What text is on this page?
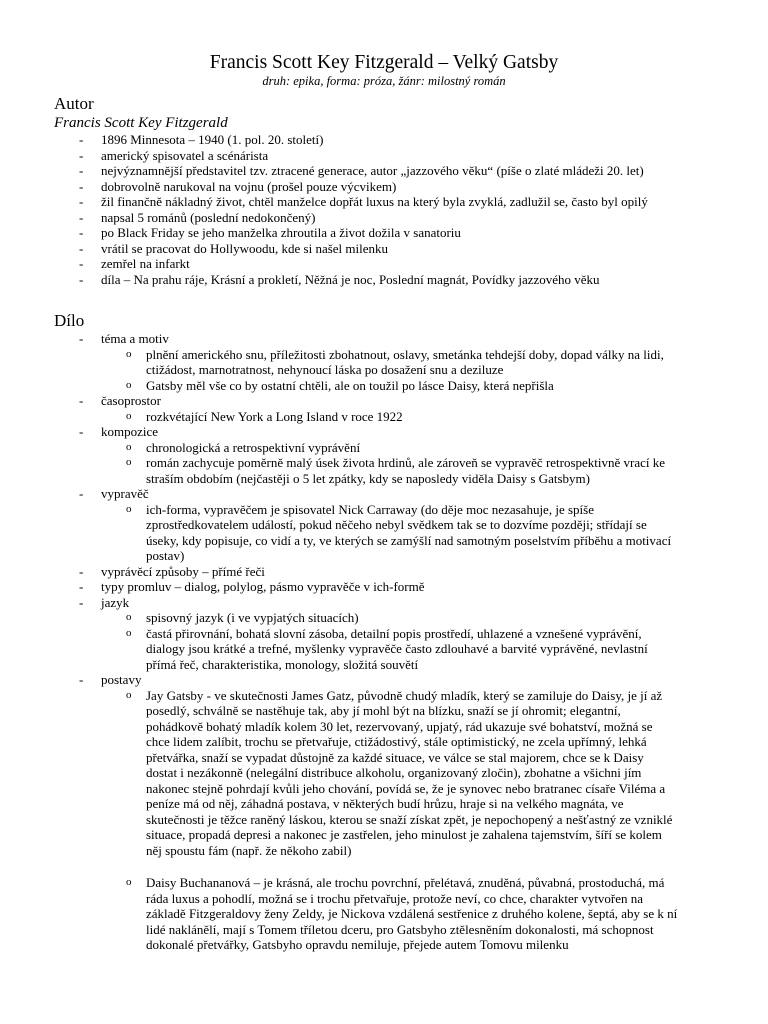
Francis Scott Key Fitzgerald – Velký Gatsby
druh: epika, forma: próza, žánr: milostný román
Autor
Francis Scott Key Fitzgerald
- 1896 Minnesota – 1940 (1. pol. 20. století)
- americký spisovatel a scénárista
- nejvýznamnější představitel tzv. ztracené generace, autor „jazzového věku“ (píše o zlaté mládeži 20. let)
- dobrovolně narukoval na vojnu (prošel pouze výcvikem)
- žil finančně nákladný život, chtěl manželce dopřát luxus na který byla zvyklá, zadlužil se, často byl opilý
- napsal 5 románů (poslední nedokončený)
- po Black Friday se jeho manželka zhroutila a život dožila v sanatoriu
- vrátil se pracovat do Hollywoodu, kde si našel milenku
- zemřel na infarkt
- díla – Na prahu ráje, Krásní a prokletí, Něžná je noc, Poslední magnát, Povídky jazzového věku
Dílo
- téma a motiv
o plnění amerického snu, příležitosti zbohatnout, oslavy, smetánka tehdejší doby, dopad války na lidi, ctižádost, marnotratnost, nehynoucí láska po dosažení snu a deziluze
o Gatsby měl vše co by ostatní chtěli, ale on toužil po lásce Daisy, která nepřišla
- časoprostor
o rozkvétající New York a Long Island v roce 1922
- kompozice
o chronologická a retrospektivní vyprávění
o román zachycuje poměrně malý úsek života hrdinů, ale zároveň se vypravěč retrospektivně vrací ke straším obdobím (nejčastěji o 5 let zpátky, kdy se naposledy viděla Daisy s Gatsbym)
- vypravěč
o ich-forma, vypravěčem je spisovatel Nick Carraway (do děje moc nezasahuje, je spíše zprostředkovatelem událostí, pokud něčeho nebyl svědkem tak se to dozvíme později; střídají se úseky, kdy popisuje, co vidí a ty, ve kterých se zamýšlí nad samotným poselstvím příběhu a motivací postav)
- vyprávěcí způsoby – přímé řeči
- typy promluv – dialog, polylog, pásmo vypravěče v ich-formě
- jazyk
o spisovný jazyk (i ve vypjatých situacích)
o častá přirovnání, bohatá slovní zásoba, detailní popis prostředí, uhlazené a vznešené vyprávění, dialogy jsou krátké a trefné, myšlenky vypravěče často zdlouhavé a barvité vyprávěné, nevlastní přímá řeč, charakteristika, monology, složitá souvětí
- postavy
o Jay Gatsby - ve skutečnosti James Gatz, původně chudý mladík, který se zamiluje do Daisy, je jí až posedlý, schválně se nastěhuje tak, aby jí mohl být na blízku, snaží se jí ohromit; elegantní, pohádkově bohatý mladík kolem 30 let, rezervovaný, upjatý, rád ukazuje své bohatství, možná se chce lidem zalíbit, trochu se přetvařuje, ctižádostivý, stále optimistický, ne zcela upřímný, lehká přetvářka, snaží se vypadat důstojně za každé situace, ve válce se stal majorem, chce se k Daisy dostat i nezákonně (nelegální distribuce alkoholu, organizovaný zločin), zbohatne a všichni jím nakonec stejně pohrdají kvůli jeho chování, povídá se, že je synovec nebo bratranec císaře Viléma a peníze má od něj, záhadná postava, v některých budí hrůzu, hraje si na velkého magnáta, ve skutečnosti je těžce raněný láskou, kterou se snaží získat zpět, je nepochopený a nešťastný ze vzniklé situace, propadá depresi a nakonec je zastřelen, jeho minulost je zahalena tajemstvím, šíří se kolem něj spoustu fám (např. že někoho zabil)
o Daisy Buchananová – je krásná, ale trochu povrchní, přelétavá, znuděná, půvabná, prostoduchá, má ráda luxus a pohodlí, možná se i trochu přetvařuje, protože neví, co chce, charakter vytvořen na základě Fitzgeraldovy ženy Zeldy, je Nickova vzdálená sestřenice z druhého kolene, šeptá, aby se k ní lidé naklánělí, mají s Tomem tříletou dceru, pro Gatsbyho ztělesněním dokonalosti, má schopnost dokonalé přetvářky, Gatsbyho opravdu nemiluje, přejede autem Tomovu milenku
